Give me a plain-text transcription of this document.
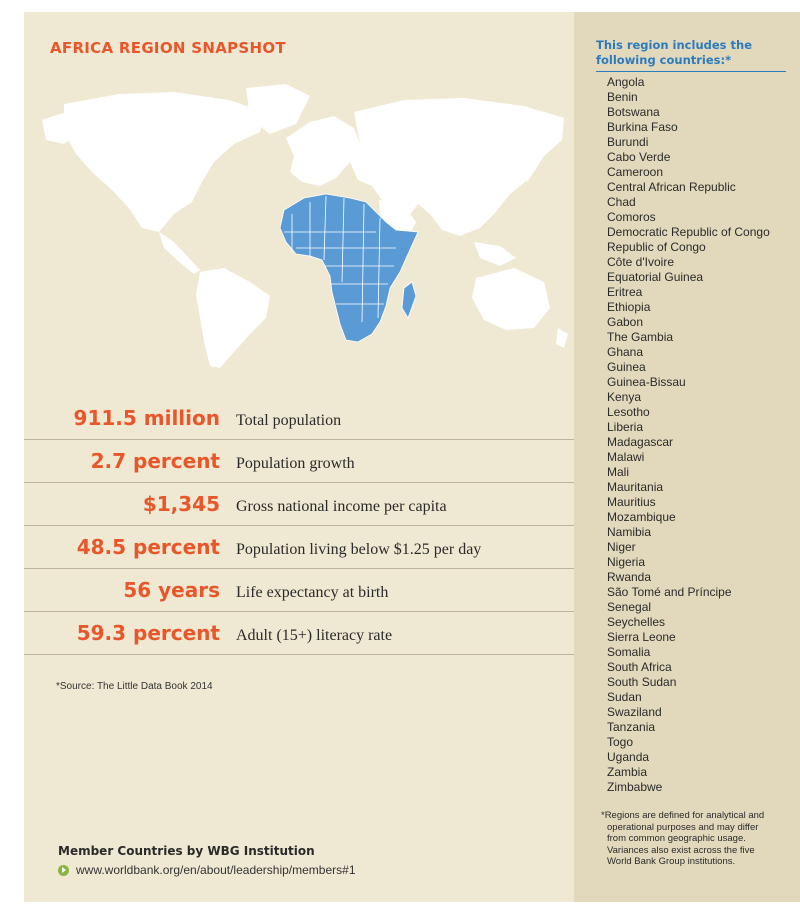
AFRICA REGION SNAPSHOT
911.5 million Total population
2.7 percent Population growth
$1,345 Gross national income per capita
48.5 percent Population living below $1.25 per day
56 years Life expectancy at birth
59.3 percent Adult (15+) literacy rate
*Source: The Little Data Book 2014
Member Countries by WBG Institution
www.worldbank.org/en/about/leadership/members#1
This region includes the
following countries:*
Angola
Benin
Botswana
Burkina Faso
Burundi
Cabo Verde
Cameroon
Central African Republic
Chad
Comoros
Democratic Republic of Congo
Republic of Congo
Côte d'Ivoire
Equatorial Guinea
Eritrea
Ethiopia
Gabon
The Gambia
Ghana
Guinea
Guinea-Bissau
Kenya
Lesotho
Liberia
Madagascar
Malawi
Mali
Mauritania
Mauritius
Mozambique
Namibia
Niger
Nigeria
Rwanda
São Tomé and Príncipe
Senegal
Seychelles
Sierra Leone
Somalia
South Africa
South Sudan
Sudan
Swaziland
Tanzania
Togo
Uganda
Zambia
Zimbabwe
*Regions are defined for analytical and
operational purposes and may differ
from common geographic usage.
Variances also exist across the five
World Bank Group institutions.
